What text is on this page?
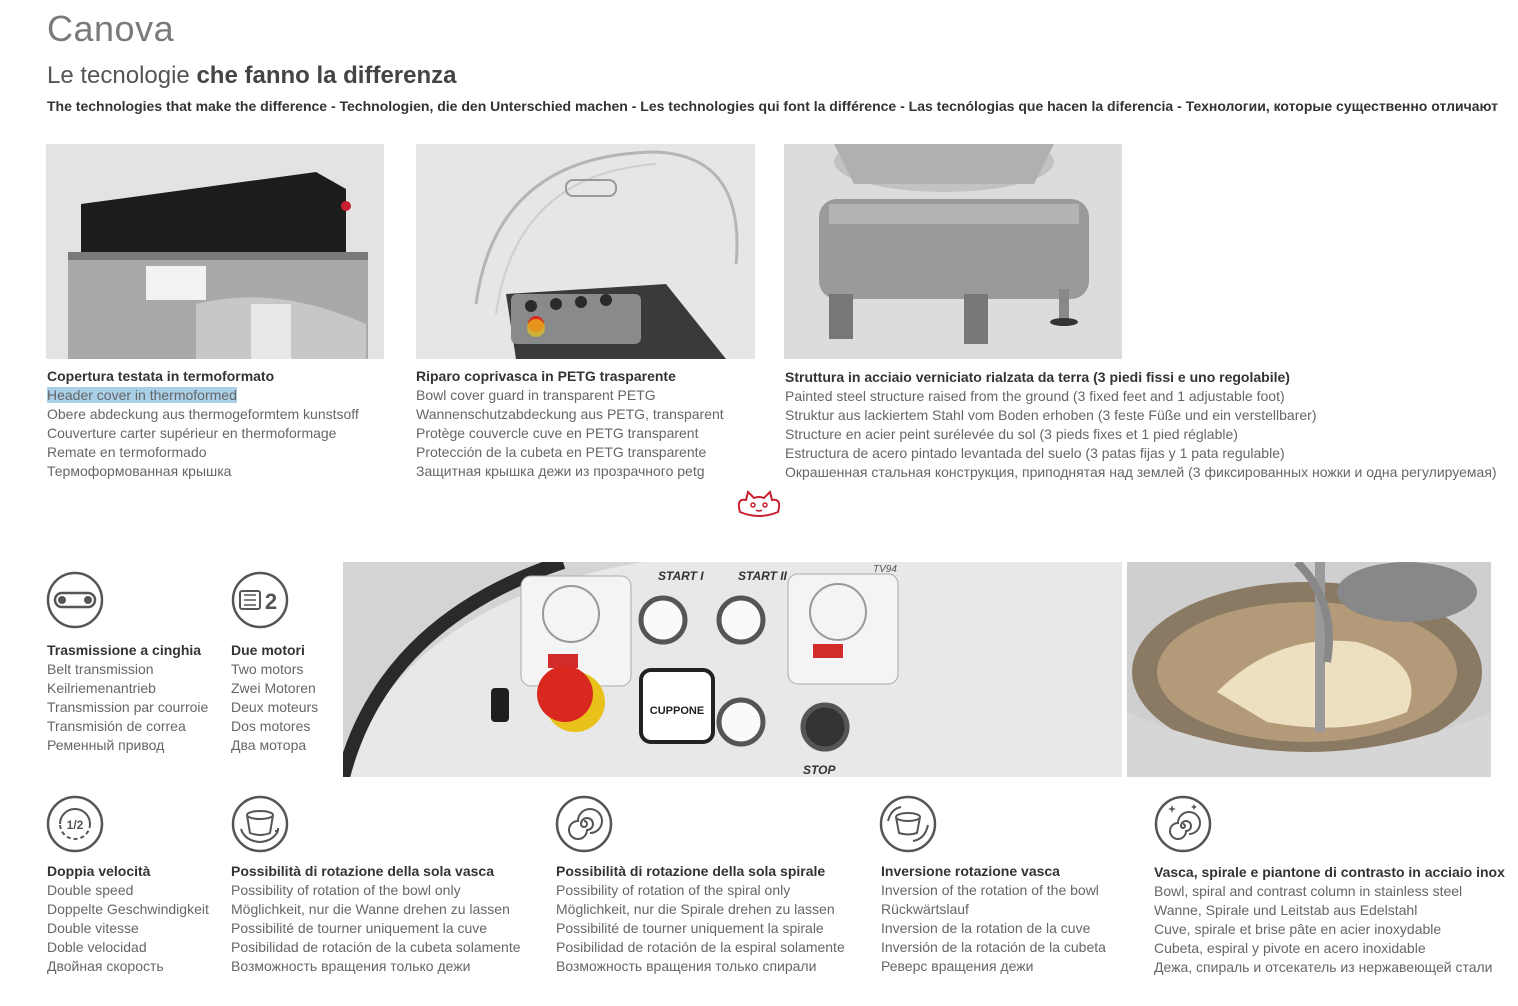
Canova
Le tecnologie che fanno la differenza
The technologies that make the difference - Technologien, die den Unterschied machen - Les technologies qui font la différence - Las tecnólogias que hacen la diferencia - Технологии, которые существенно отличают
Copertura testata in termoformato
Header cover in thermoformed
Obere abdeckung aus thermogeformtem kunstsoff
Couverture carter supérieur en thermoformage
Remate en termoformado
Термоформованная крышка
Riparo coprivasca in PETG trasparente
Bowl cover guard in transparent PETG
Wannenschutzabdeckung aus PETG, transparent
Protège couvercle cuve en PETG transparent
Protección de la cubeta en PETG transparente
Защитная крышка дежи из прозрачного petg
Struttura in acciaio verniciato rialzata da terra (3 piedi fissi e uno regolabile)
Painted steel structure raised from the ground (3 fixed feet and 1 adjustable foot)
Struktur aus lackiertem Stahl vom Boden erhoben (3 feste Füße und ein verstellbarer)
Structure en acier peint surélevée du sol (3 pieds fixes et 1 pied réglable)
Estructura de acero pintado levantada del suelo (3 patas fijas y 1 pata regulable)
Окрашенная стальная конструкция, приподнятая над землей (3 фиксированных ножки и одна регулируемая)
2
Trasmissione a cinghia
Belt transmission
Keilriemenantrieb
Transmission par courroie
Transmisión de correa
Ременный привод
Due motori
Two motors
Zwei Motoren
Deux moteurs
Dos motores
Два мотора
START I	START II	TV94
CUPPONE
STOP
1/2
Doppia velocità
Double speed
Doppelte Geschwindigkeit
Double vitesse
Doble velocidad
Двойная скорость
Possibilità di rotazione della sola vasca
Possibility of rotation of the bowl only
Möglichkeit, nur die Wanne drehen zu lassen
Possibilité de tourner uniquement la cuve
Posibilidad de rotación de la cubeta solamente
Возможность вращения только дежи
Possibilità di rotazione della sola spirale
Possibility of rotation of the spiral only
Möglichkeit, nur die Spirale drehen zu lassen
Possibilité de tourner uniquement la spirale
Posibilidad de rotación de la espiral solamente
Возможность вращения только спирали
Inversione rotazione vasca
Inversion of the rotation of the bowl
Rückwärtslauf
Inversion de la rotation de la cuve
Inversión de la rotación de la cubeta
Реверс вращения дежи
Vasca, spirale e piantone di contrasto in acciaio inox
Bowl, spiral and contrast column in stainless steel
Wanne, Spirale und Leitstab aus Edelstahl
Cuve, spirale et brise pâte en acier inoxydable
Cubeta, espiral y pivote en acero inoxidable
Дежа, спираль и отсекатель из нержавеющей стали
